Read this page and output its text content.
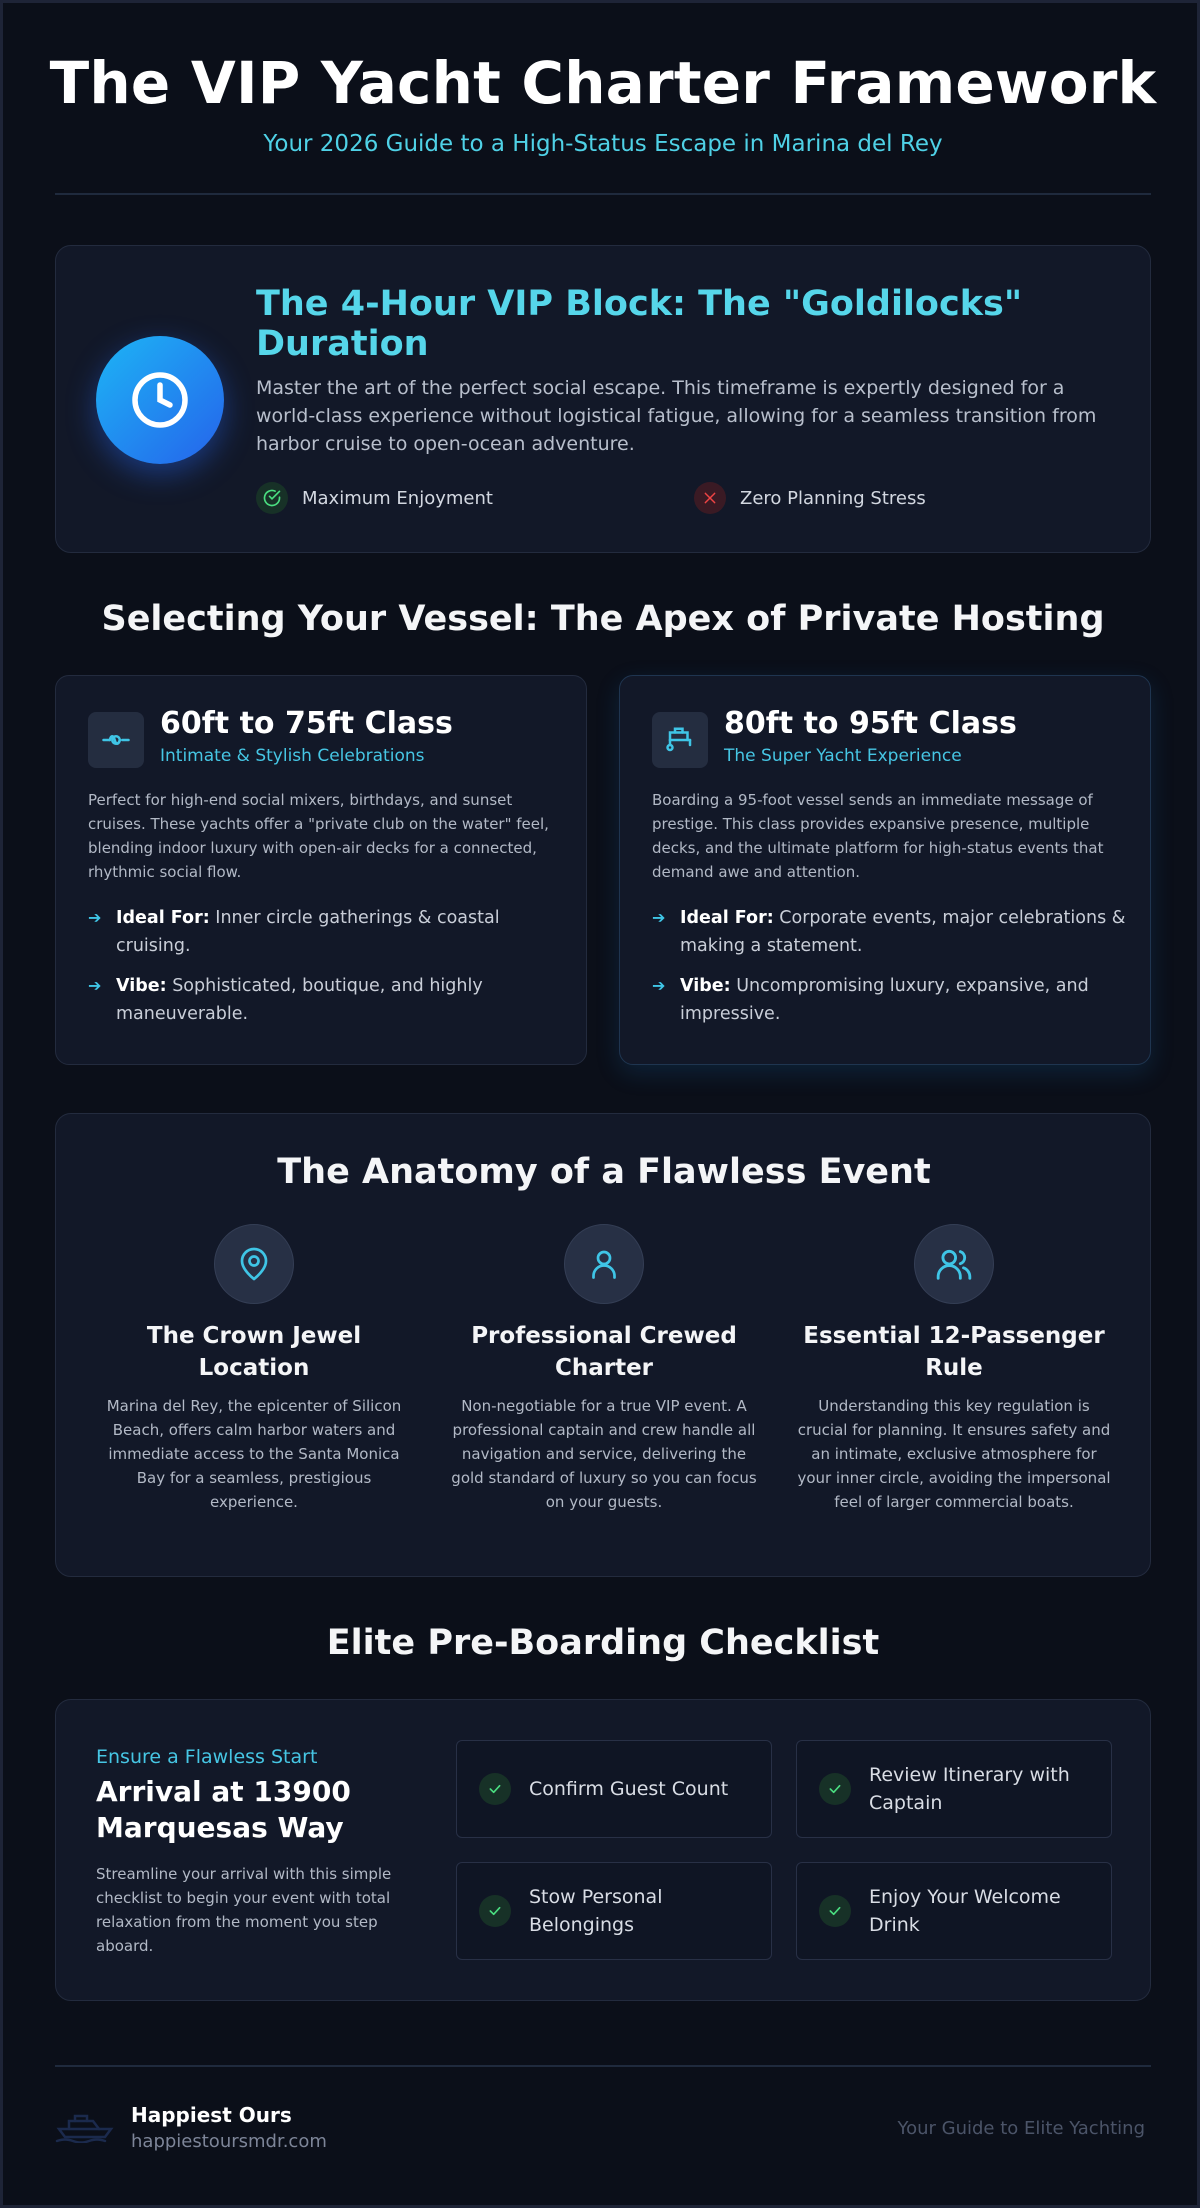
The VIP Yacht Charter Framework
Your 2026 Guide to a High-Status Escape in Marina del Rey
The 4-Hour VIP Block: The "Goldilocks" Duration
Master the art of the perfect social escape. This timeframe is expertly designed for a world-class experience without logistical fatigue, allowing for a seamless transition from harbor cruise to open-ocean adventure.
Maximum Enjoyment	Zero Planning Stress
Selecting Your Vessel: The Apex of Private Hosting
60ft to 75ft Class
Intimate & Stylish Celebrations
Perfect for high-end social mixers, birthdays, and sunset cruises. These yachts offer a "private club on the water" feel, blending indoor luxury with open-air decks for a connected, rhythmic social flow.
➔ Ideal For: Inner circle gatherings & coastal cruising.
➔ Vibe: Sophisticated, boutique, and highly maneuverable.
80ft to 95ft Class
The Super Yacht Experience
Boarding a 95-foot vessel sends an immediate message of prestige. This class provides expansive presence, multiple decks, and the ultimate platform for high-status events that demand awe and attention.
➔ Ideal For: Corporate events, major celebrations & making a statement.
➔ Vibe: Uncompromising luxury, expansive, and impressive.
The Anatomy of a Flawless Event
The Crown Jewel Location
Marina del Rey, the epicenter of Silicon Beach, offers calm harbor waters and immediate access to the Santa Monica Bay for a seamless, prestigious experience.
Professional Crewed Charter
Non-negotiable for a true VIP event. A professional captain and crew handle all navigation and service, delivering the gold standard of luxury so you can focus on your guests.
Essential 12-Passenger Rule
Understanding this key regulation is crucial for planning. It ensures safety and an intimate, exclusive atmosphere for your inner circle, avoiding the impersonal feel of larger commercial boats.
Elite Pre-Boarding Checklist
Ensure a Flawless Start
Arrival at 13900 Marquesas Way
Streamline your arrival with this simple checklist to begin your event with total relaxation from the moment you step aboard.
Confirm Guest Count
Review Itinerary with Captain
Stow Personal Belongings
Enjoy Your Welcome Drink
Happiest Ours
happiestoursmdr.com
Your Guide to Elite Yachting
